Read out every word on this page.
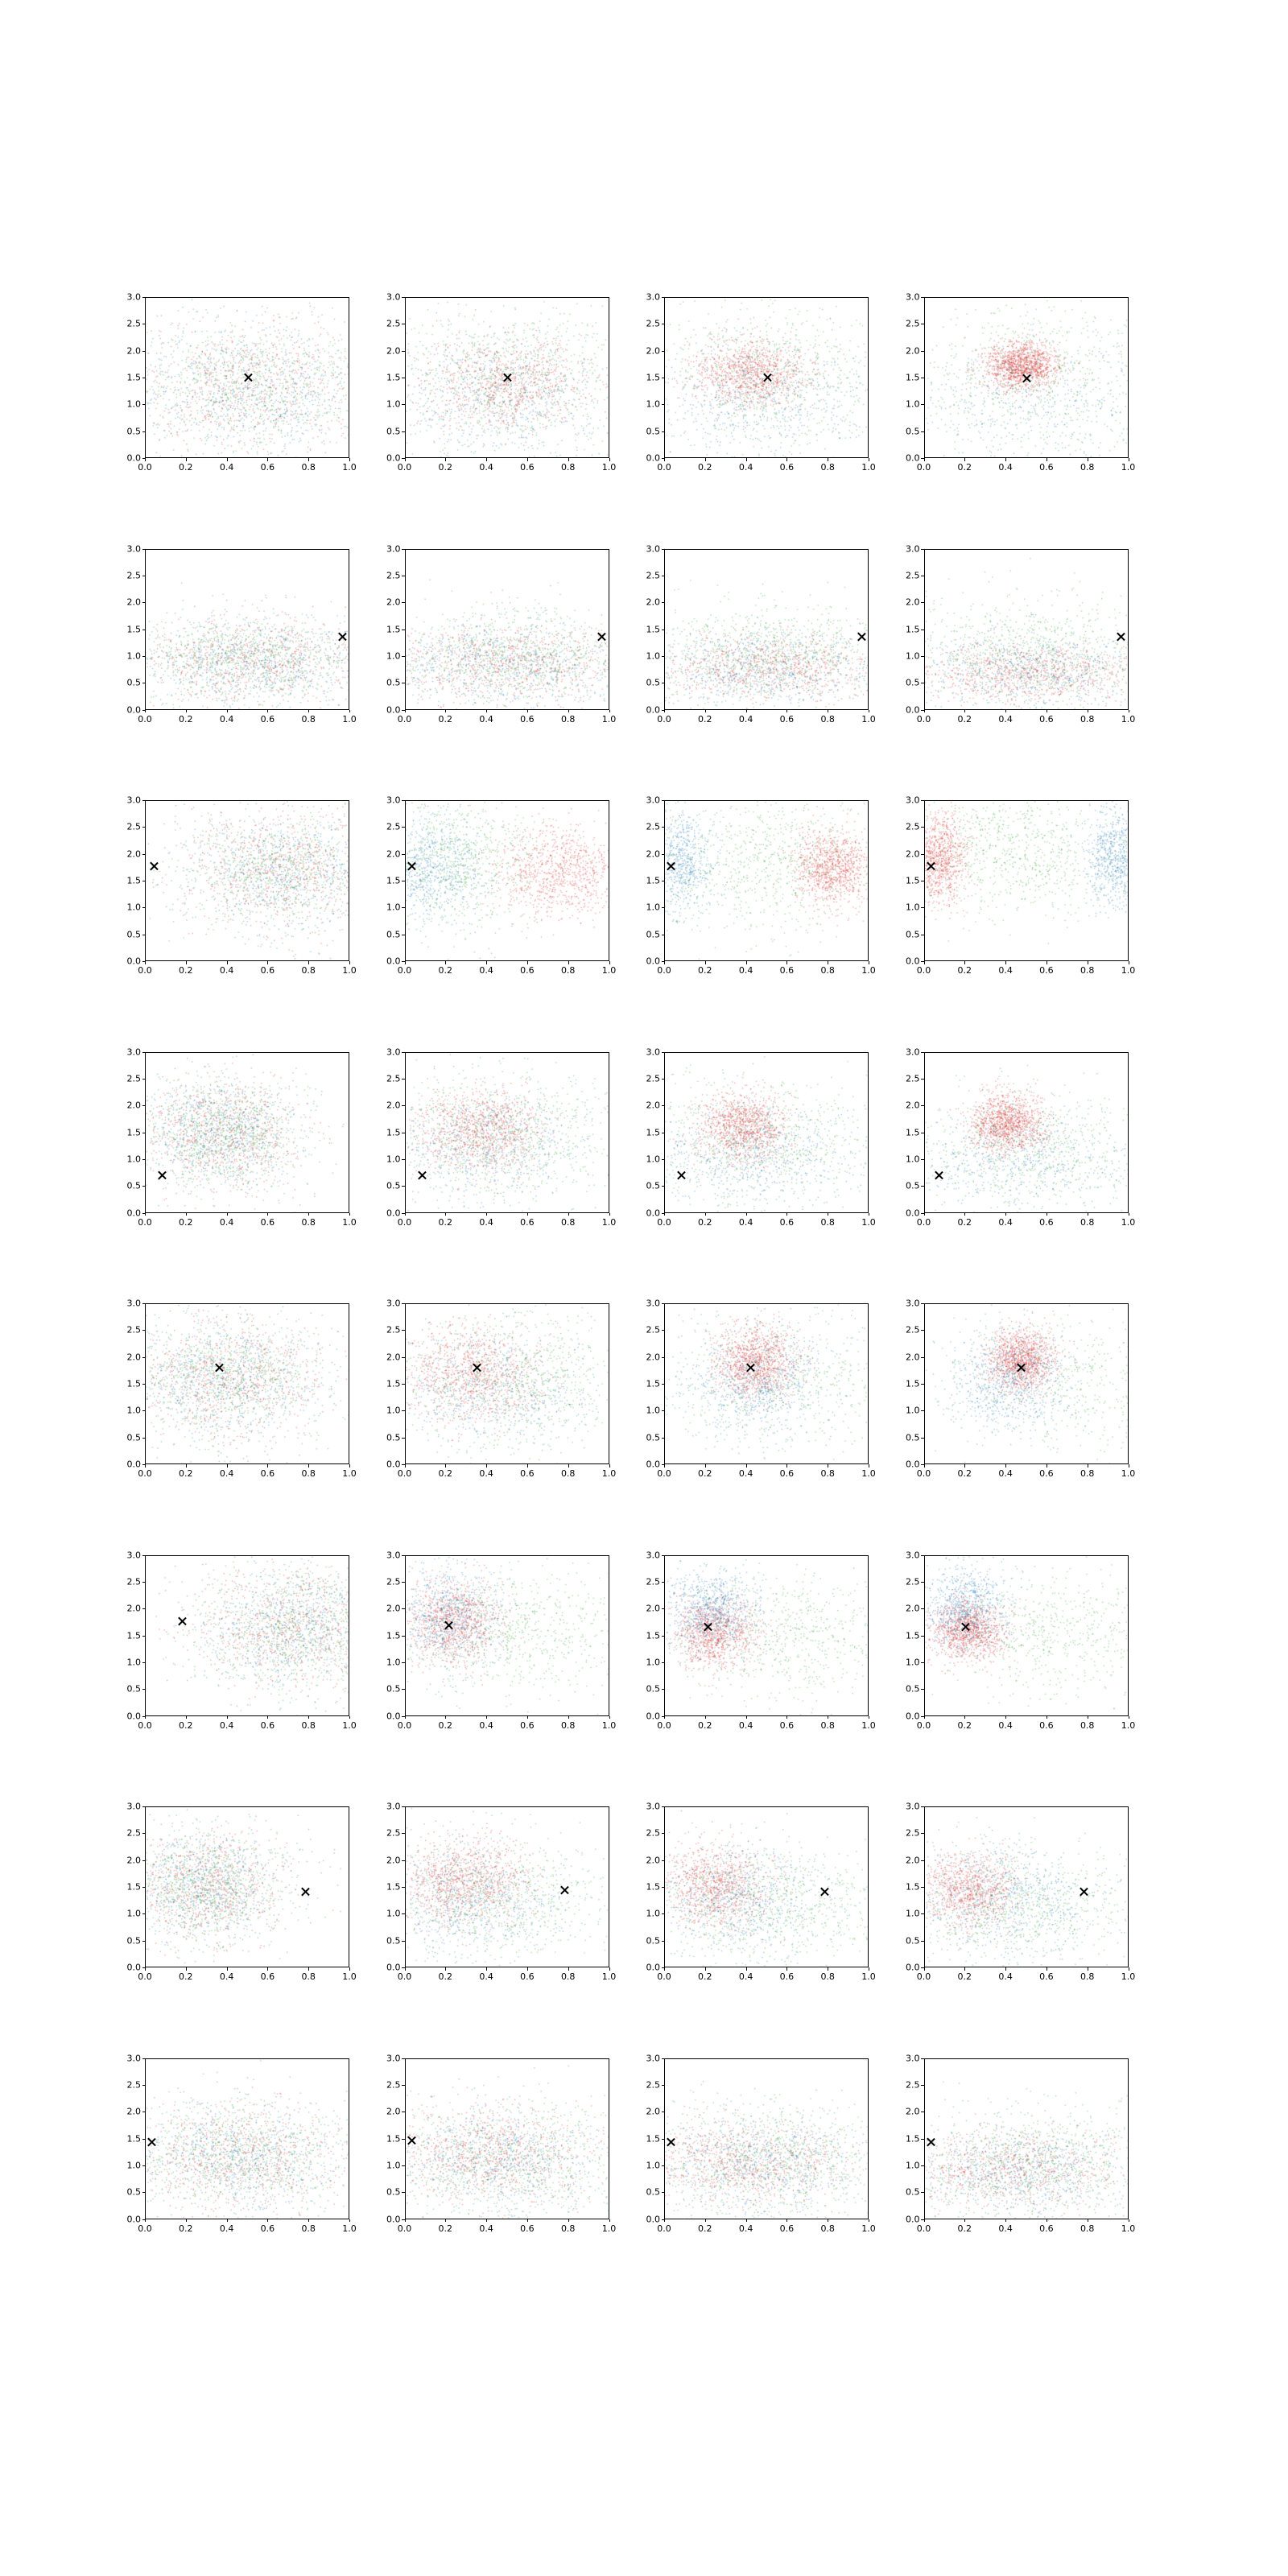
0.0
0.5
1.0
1.5
2.0
2.5
3.0
0.0	0.2	0.4	0.6	0.8	1.0
0.0
0.5
1.0
1.5
2.0
2.5
3.0
0.0	0.2	0.4	0.6	0.8	1.0
0.0
0.5
1.0
1.5
2.0
2.5
3.0
0.0	0.2	0.4	0.6	0.8	1.0
0.0
0.5
1.0
1.5
2.0
2.5
3.0
0.0	0.2	0.4	0.6	0.8	1.0
0.0
0.5
1.0
1.5
2.0
2.5
3.0
0.0	0.2	0.4	0.6	0.8	1.0
0.0
0.5
1.0
1.5
2.0
2.5
3.0
0.0	0.2	0.4	0.6	0.8	1.0
0.0
0.5
1.0
1.5
2.0
2.5
3.0
0.0	0.2	0.4	0.6	0.8	1.0
0.0
0.5
1.0
1.5
2.0
2.5
3.0
0.0	0.2	0.4	0.6	0.8	1.0
0.0
0.5
1.0
1.5
2.0
2.5
3.0
0.0	0.2	0.4	0.6	0.8	1.0
0.0
0.5
1.0
1.5
2.0
2.5
3.0
0.0	0.2	0.4	0.6	0.8	1.0
0.0
0.5
1.0
1.5
2.0
2.5
3.0
0.0	0.2	0.4	0.6	0.8	1.0
0.0
0.5
1.0
1.5
2.0
2.5
3.0
0.0	0.2	0.4	0.6	0.8	1.0
0.0
0.5
1.0
1.5
2.0
2.5
3.0
0.0	0.2	0.4	0.6	0.8	1.0
0.0
0.5
1.0
1.5
2.0
2.5
3.0
0.0	0.2	0.4	0.6	0.8	1.0
0.0
0.5
1.0
1.5
2.0
2.5
3.0
0.0	0.2	0.4	0.6	0.8	1.0
0.0
0.5
1.0
1.5
2.0
2.5
3.0
0.0	0.2	0.4	0.6	0.8	1.0
0.0
0.5
1.0
1.5
2.0
2.5
3.0
0.0	0.2	0.4	0.6	0.8	1.0
0.0
0.5
1.0
1.5
2.0
2.5
3.0
0.0	0.2	0.4	0.6	0.8	1.0
0.0
0.5
1.0
1.5
2.0
2.5
3.0
0.0	0.2	0.4	0.6	0.8	1.0
0.0
0.5
1.0
1.5
2.0
2.5
3.0
0.0	0.2	0.4	0.6	0.8	1.0
0.0
0.5
1.0
1.5
2.0
2.5
3.0
0.0	0.2	0.4	0.6	0.8	1.0
0.0
0.5
1.0
1.5
2.0
2.5
3.0
0.0	0.2	0.4	0.6	0.8	1.0
0.0
0.5
1.0
1.5
2.0
2.5
3.0
0.0	0.2	0.4	0.6	0.8	1.0
0.0
0.5
1.0
1.5
2.0
2.5
3.0
0.0	0.2	0.4	0.6	0.8	1.0
0.0
0.5
1.0
1.5
2.0
2.5
3.0
0.0	0.2	0.4	0.6	0.8	1.0
0.0
0.5
1.0
1.5
2.0
2.5
3.0
0.0	0.2	0.4	0.6	0.8	1.0
0.0
0.5
1.0
1.5
2.0
2.5
3.0
0.0	0.2	0.4	0.6	0.8	1.0
0.0
0.5
1.0
1.5
2.0
2.5
3.0
0.0	0.2	0.4	0.6	0.8	1.0
0.0
0.5
1.0
1.5
2.0
2.5
3.0
0.0	0.2	0.4	0.6	0.8	1.0
0.0
0.5
1.0
1.5
2.0
2.5
3.0
0.0	0.2	0.4	0.6	0.8	1.0
0.0
0.5
1.0
1.5
2.0
2.5
3.0
0.0	0.2	0.4	0.6	0.8	1.0
0.0
0.5
1.0
1.5
2.0
2.5
3.0
0.0	0.2	0.4	0.6	0.8	1.0
